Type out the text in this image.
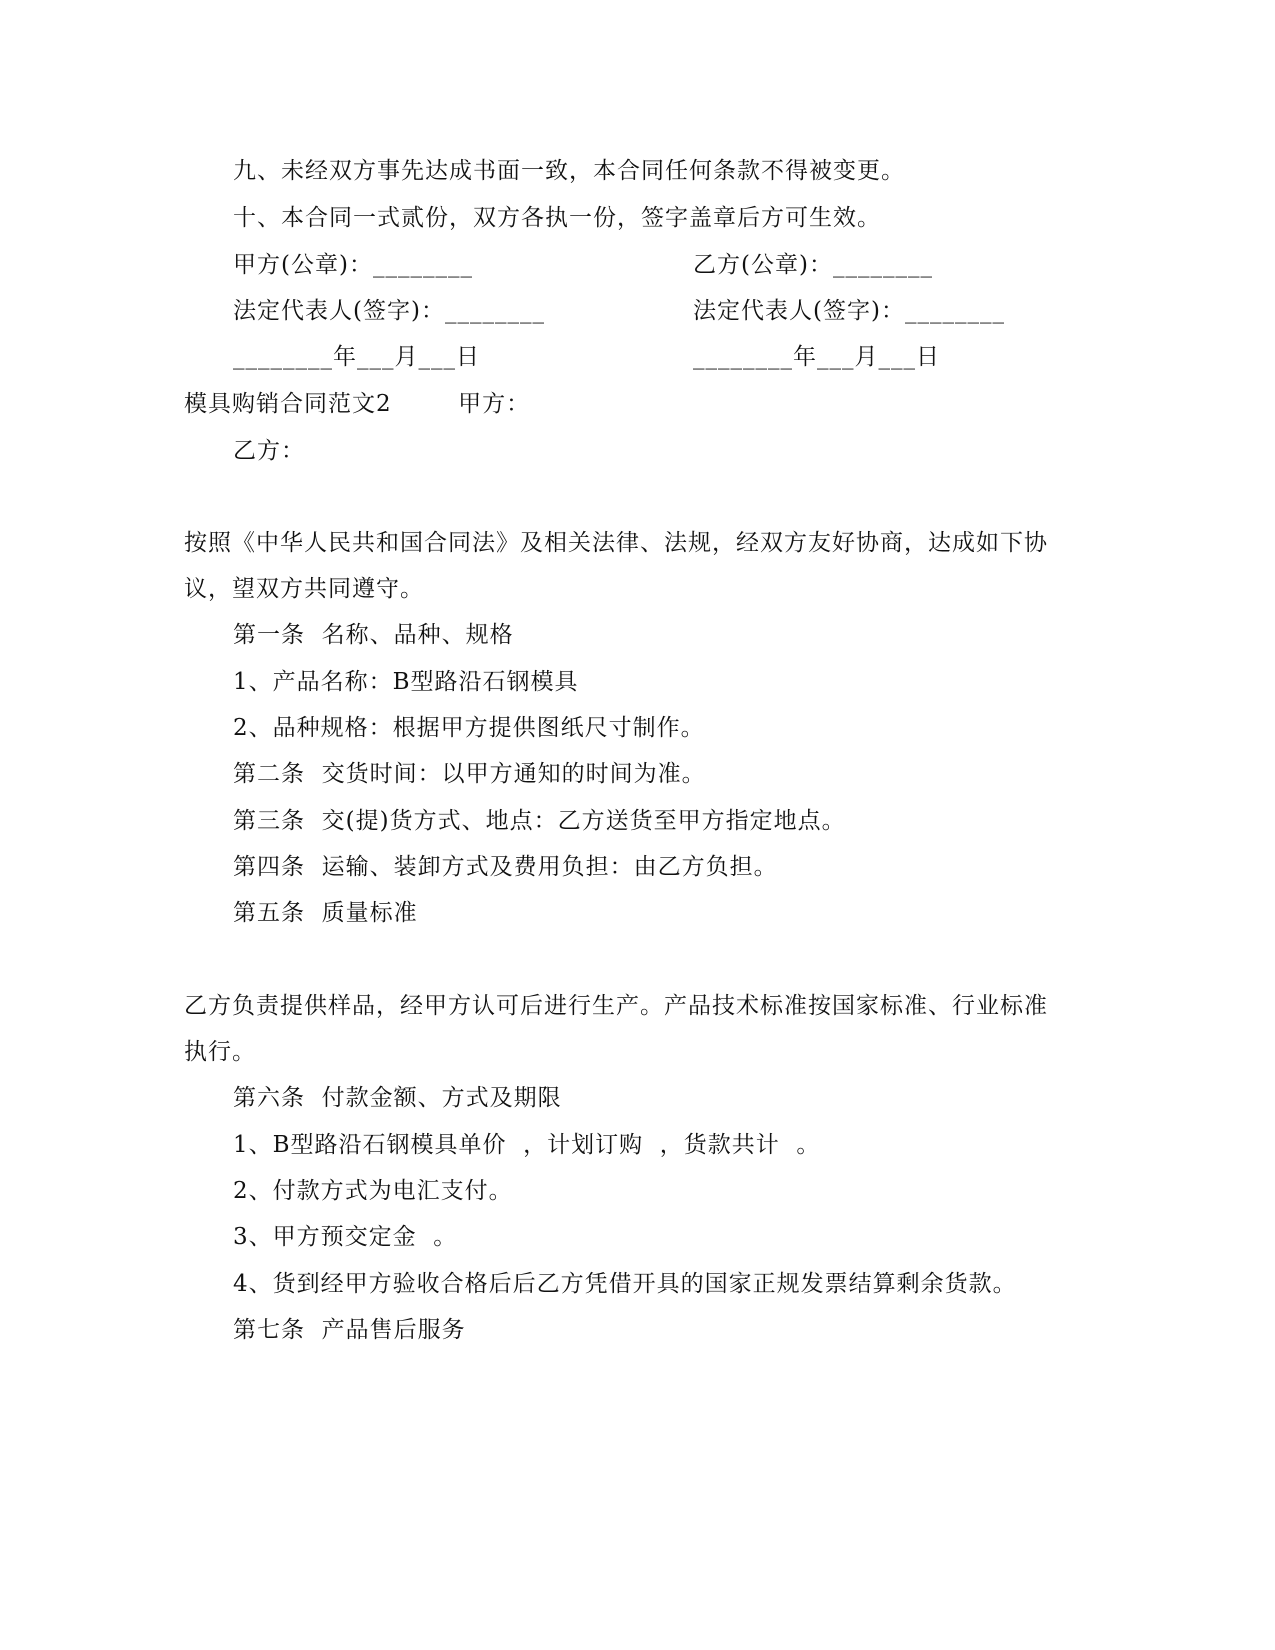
九、未经双方事先达成书面一致，本合同任何条款不得被变更。
十、本合同一式贰份，双方各执一份，签字盖章后方可生效。
甲方(公章)：________	乙方(公章)：________
法定代表人(签字)：________	法定代表人(签字)：________
________年___月___日	________年___月___日
模具购销合同范文2        甲方：
乙方：
按照《中华人民共和国合同法》及相关法律、法规，经双方友好协商，达成如下协
议，望双方共同遵守。
第一条  名称、品种、规格
1、产品名称：B型路沿石钢模具
2、品种规格：根据甲方提供图纸尺寸制作。
第二条  交货时间：以甲方通知的时间为准。
第三条  交(提)货方式、地点：乙方送货至甲方指定地点。
第四条  运输、装卸方式及费用负担：由乙方负担。
第五条  质量标准
乙方负责提供样品，经甲方认可后进行生产。产品技术标准按国家标准、行业标准
执行。
第六条  付款金额、方式及期限
1、B型路沿石钢模具单价  ，计划订购  ，货款共计  。
2、付款方式为电汇支付。
3、甲方预交定金  。
4、货到经甲方验收合格后后乙方凭借开具的国家正规发票结算剩余货款。
第七条  产品售后服务
